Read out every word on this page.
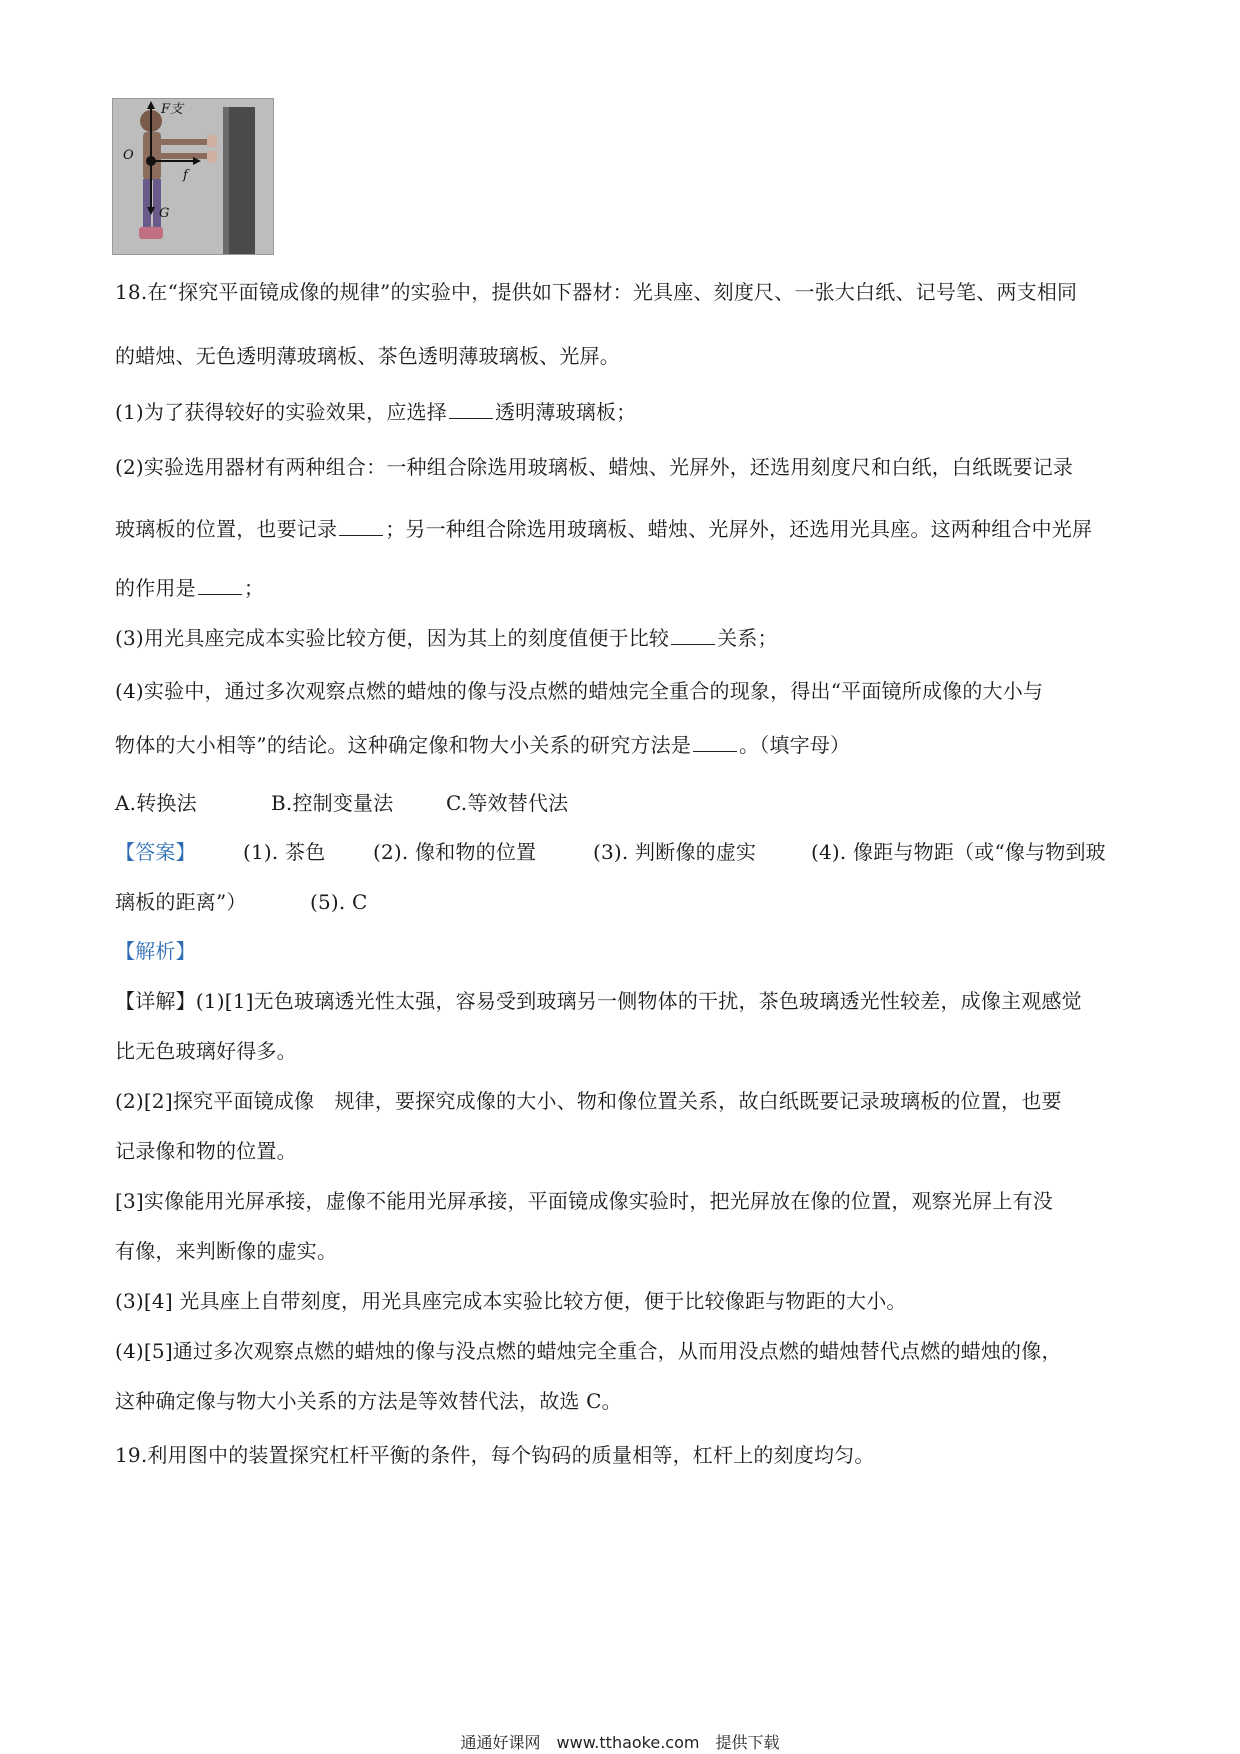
F支
O
f
G
18.在“探究平面镜成像的规律”的实验中，提供如下器材：光具座、刻度尺、一张大白纸、记号笔、两支相同
的蜡烛、无色透明薄玻璃板、茶色透明薄玻璃板、光屏。
(1)为了获得较好的实验效果，应选择 透明薄玻璃板；
(2)实验选用器材有两种组合：一种组合除选用玻璃板、蜡烛、光屏外，还选用刻度尺和白纸，白纸既要记录
玻璃板的位置，也要记录 ；另一种组合除选用玻璃板、蜡烛、光屏外，还选用光具座。这两种组合中光屏
的作用是 ；
(3)用光具座完成本实验比较方便，因为其上的刻度值便于比较 关系；
(4)实验中，通过多次观察点燃的蜡烛的像与没点燃的蜡烛完全重合的现象，得出“平面镜所成像的大小与
物体的大小相等”的结论。这种确定像和物大小关系的研究方法是 。（填字母）
A.转换法	B.控制变量法	C.等效替代法
【答案】 (1). 茶色 (2). 像和物的位置	(3). 判断像的虚实	(4). 像距与物距（或“像与物到玻
璃板的距离”）	(5). C
【解析】
【详解】(1)[1]无色玻璃透光性太强，容易受到玻璃另一侧物体的干扰，茶色玻璃透光性较差，成像主观感觉
比无色玻璃好得多。
(2)[2]探究平面镜成像　规律，要探究成像的大小、物和像位置关系，故白纸既要记录玻璃板的位置，也要
记录像和物的位置。
[3]实像能用光屏承接，虚像不能用光屏承接，平面镜成像实验时，把光屏放在像的位置，观察光屏上有没
有像，来判断像的虚实。
(3)[4] 光具座上自带刻度，用光具座完成本实验比较方便，便于比较像距与物距的大小。
(4)[5]通过多次观察点燃的蜡烛的像与没点燃的蜡烛完全重合，从而用没点燃的蜡烛替代点燃的蜡烛的像，
这种确定像与物大小关系的方法是等效替代法，故选 C。
19.利用图中的装置探究杠杆平衡的条件，每个钩码的质量相等，杠杆上的刻度均匀。
通通好课网　www.tthaoke.com　提供下载
